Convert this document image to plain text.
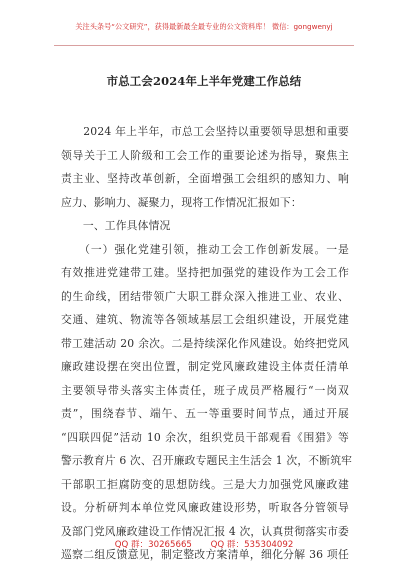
关注头条号“公文研究”，获得最新最全最专业的公文资料库！ 微信：gongwenyj
市总工会2024年上半年党建工作总结
　　2024 年上半年，市总工会坚持以重要领导思想和重要
领导关于工人阶级和工会工作的重要论述为指导，聚焦主
责主业、坚持改革创新，全面增强工会组织的感知力、响
应力、影响力、凝聚力，现将工作情况汇报如下：
　　一、工作具体情况
　　（一）强化党建引领，推动工会工作创新发展。一是
有效推进党建带工建。坚持把加强党的建设作为工会工作
的生命线，团结带领广大职工群众深入推进工业、农业、
交通、建筑、物流等各领域基层工会组织建设，开展党建
带工建活动 20 余次。二是持续深化作风建设。始终把党风
廉政建设摆在突出位置，制定党风廉政建设主体责任清单
主要领导带头落实主体责任，班子成员严格履行“一岗双
责”，围绕春节、端午、五一等重要时间节点，通过开展
“四联四促”活动 10 余次，组织党员干部观看《围猎》等
警示教育片 6 次、召开廉政专题民主生活会 1 次，不断筑牢
干部职工拒腐防变的思想防线。三是大力加强党风廉政建
设。分析研判本单位党风廉政建设形势，听取各分管领导
及部门党风廉政建设工作情况汇报 4 次，认真贯彻落实市委
巡察二组反馈意见，制定整改方案清单，细化分解 36 项任
QQ 群：30265665 QQ 群：535304092
